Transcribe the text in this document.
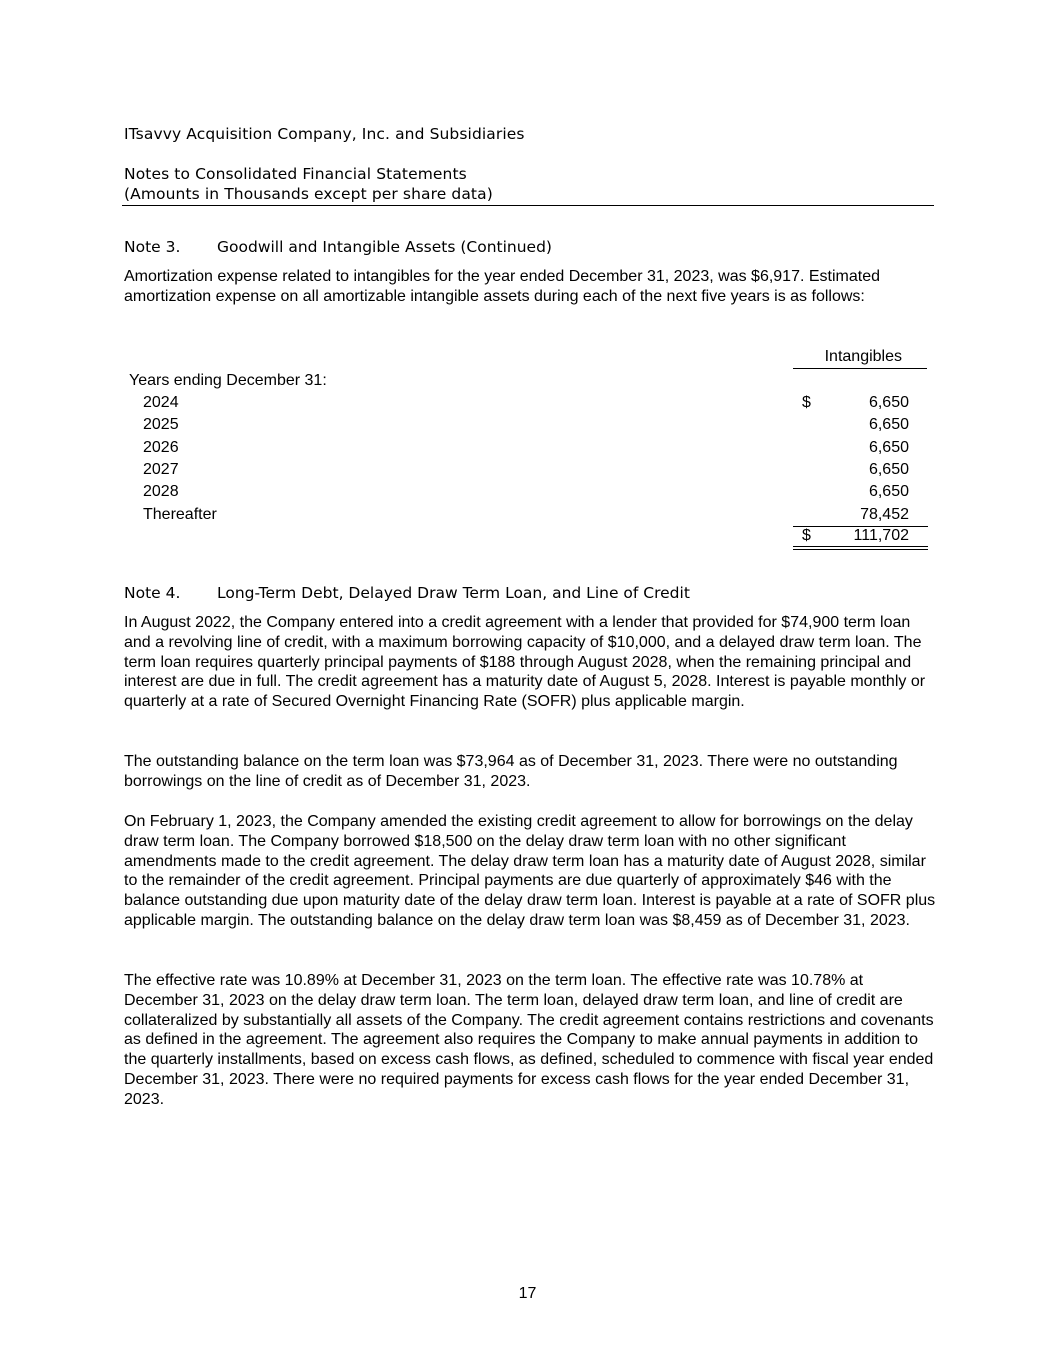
ITsavvy Acquisition Company, Inc. and Subsidiaries
Notes to Consolidated Financial Statements
(Amounts in Thousands except per share data)
Note 3. Goodwill and Intangible Assets (Continued)

Amortization expense related to intangibles for the year ended December 31, 2023, was $6,917. Estimated amortization expense on all amortizable intangible assets during each of the next five years is as follows:

Intangibles
Years ending December 31:
2024	$	6,650
2025	6,650
2026	6,650
2027	6,650
2028	6,650
Thereafter	78,452
$	111,702
Note 4. Long-Term Debt, Delayed Draw Term Loan, and Line of Credit

In August 2022, the Company entered into a credit agreement with a lender that provided for $74,900 term loan and a revolving line of credit, with a maximum borrowing capacity of $10,000, and a delayed draw term loan. The term loan requires quarterly principal payments of $188 through August 2028, when the remaining principal and interest are due in full. The credit agreement has a maturity date of August 5, 2028. Interest is payable monthly or quarterly at a rate of Secured Overnight Financing Rate (SOFR) plus applicable margin.

The outstanding balance on the term loan was $73,964 as of December 31, 2023. There were no outstanding borrowings on the line of credit as of December 31, 2023.

On February 1, 2023, the Company amended the existing credit agreement to allow for borrowings on the delay draw term loan. The Company borrowed $18,500 on the delay draw term loan with no other significant amendments made to the credit agreement. The delay draw term loan has a maturity date of August 2028, similar to the remainder of the credit agreement. Principal payments are due quarterly of approximately $46 with the balance outstanding due upon maturity date of the delay draw term loan. Interest is payable at a rate of SOFR plus applicable margin. The outstanding balance on the delay draw term loan was $8,459 as of December 31, 2023.

The effective rate was 10.89% at December 31, 2023 on the term loan. The effective rate was 10.78% at December 31, 2023 on the delay draw term loan. The term loan, delayed draw term loan, and line of credit are collateralized by substantially all assets of the Company. The credit agreement contains restrictions and covenants as defined in the agreement. The agreement also requires the Company to make annual payments in addition to the quarterly installments, based on excess cash flows, as defined, scheduled to commence with fiscal year ended December 31, 2023. There were no required payments for excess cash flows for the year ended December 31, 2023.

17
